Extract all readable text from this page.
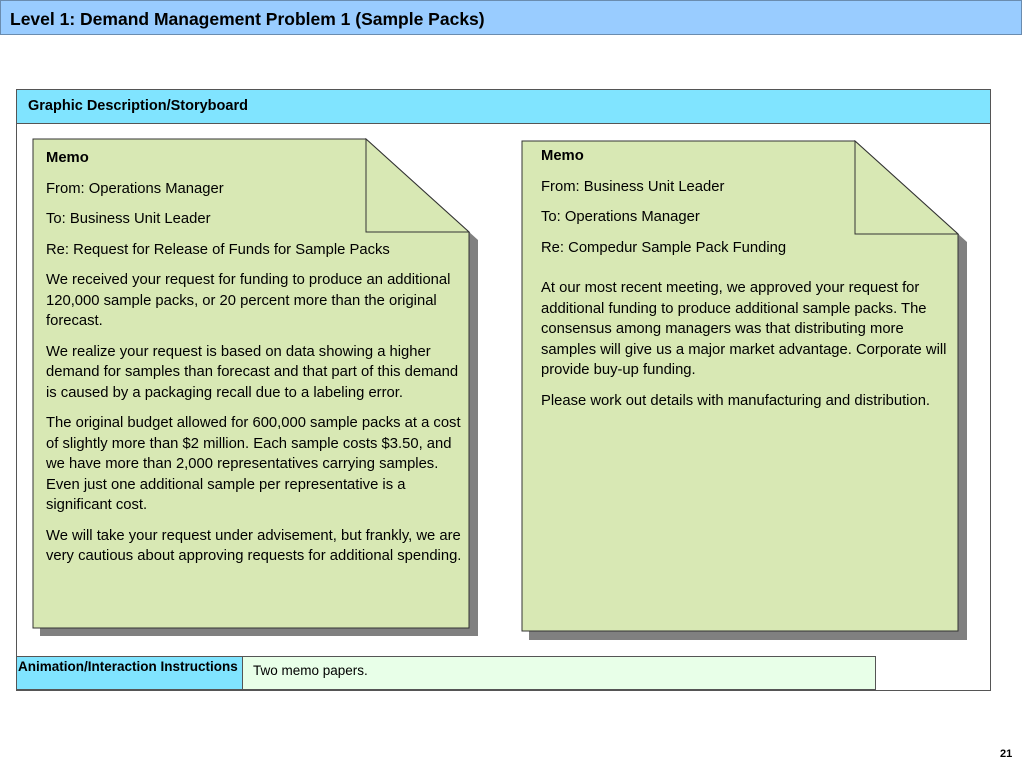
Level 1: Demand Management Problem 1 (Sample Packs)
Graphic Description/Storyboard

Memo

From: Operations Manager

To: Business Unit Leader

Re: Request for Release of Funds for Sample Packs

We received your request for funding to produce an additional 120,000 sample packs, or 20 percent more than the original forecast.

We realize your request is based on data showing a higher demand for samples than forecast and that part of this demand is caused by a packaging recall due to a labeling error.

The original budget allowed for 600,000 sample packs at a cost of slightly more than $2 million. Each sample costs $3.50, and we have more than 2,000 representatives carrying samples. Even just one additional sample per representative is a significant cost.

We will take your request under advisement, but frankly, we are very cautious about approving requests for additional spending.

Memo

From: Business Unit Leader

To: Operations Manager

Re: Compedur Sample Pack Funding

At our most recent meeting, we approved your request for additional funding to produce additional sample packs. The consensus among managers was that distributing more samples will give us a major market advantage. Corporate will provide buy-up funding.

Please work out details with manufacturing and distribution.

Animation/Interaction Instructions	Two memo papers.
21
